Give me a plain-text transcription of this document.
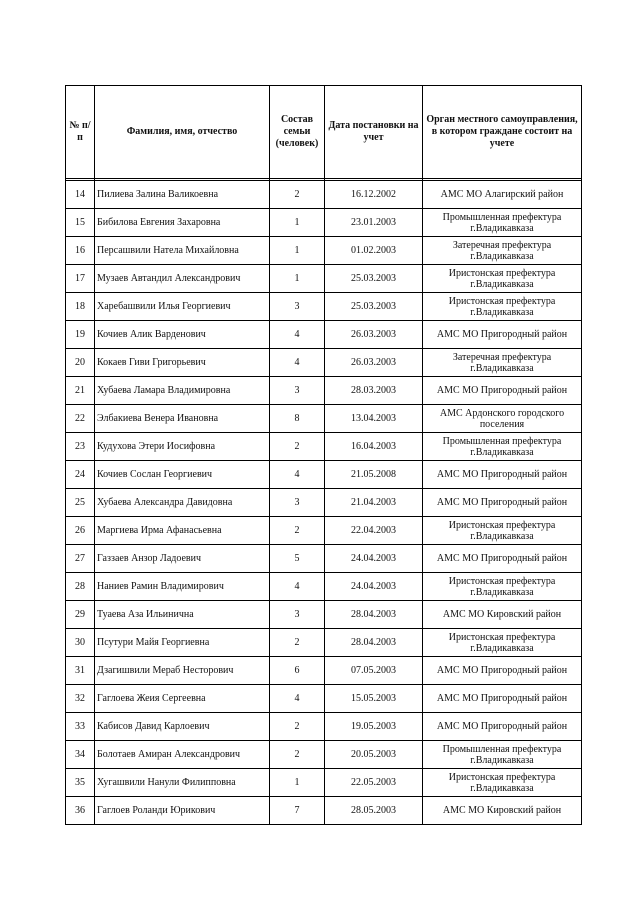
№ п/п	Фамилия, имя, отчество	Состав семьи (человек)	Дата постановки на учет	Орган местного самоуправления, в котором граждане состоит на учете

14	Пилиева Залина Валикоевна	2	16.12.2002	АМС МО Алагирский район
15	Бибилова Евгения Захаровна	1	23.01.2003	Промышленная префектура г.Владикавказа
16	Персашвили Натела Михайловна	1	01.02.2003	Затеречная префектура г.Владикавказа
17	Музаев Автандил Александрович	1	25.03.2003	Иристонская префектура г.Владикавказа
18	Харебашвили Илья Георгиевич	3	25.03.2003	Иристонская префектура г.Владикавказа
19	Кочиев Алик Варденович	4	26.03.2003	АМС МО Пригородный район
20	Кокаев Гиви Григорьевич	4	26.03.2003	Затеречная префектура г.Владикавказа
21	Хубаева Ламара Владимировна	3	28.03.2003	АМС МО Пригородный район
22	Элбакиева Венера Ивановна	8	13.04.2003	АМС Ардонского городского поселения
23	Кудухова Этери Иосифовна	2	16.04.2003	Промышленная префектура г.Владикавказа
24	Кочиев Сослан Георгиевич	4	21.05.2008	АМС МО Пригородный район
25	Хубаева Александра Давидовна	3	21.04.2003	АМС МО Пригородный район
26	Маргиева Ирма Афанасьевна	2	22.04.2003	Иристонская префектура г.Владикавказа
27	Газзаев Анзор Ладоевич	5	24.04.2003	АМС МО Пригородный район
28	Наниев Рамин Владимирович	4	24.04.2003	Иристонская префектура г.Владикавказа
29	Туаева Аза Ильинична	3	28.04.2003	АМС МО Кировский район
30	Псутури Майя Георгиевна	2	28.04.2003	Иристонская префектура г.Владикавказа
31	Дзагишвили Мераб Несторович	6	07.05.2003	АМС МО Пригородный район
32	Гаглоева Жеия Сергеевна	4	15.05.2003	АМС МО Пригородный район
33	Кабисов Давид Карлоевич	2	19.05.2003	АМС МО Пригородный район
34	Болотаев Амиран Александрович	2	20.05.2003	Промышленная префектура г.Владикавказа
35	Хугашвили Нанули Филипповна	1	22.05.2003	Иристонская префектура г.Владикавказа
36	Гаглоев Роланди Юрикович	7	28.05.2003	АМС МО Кировский район
